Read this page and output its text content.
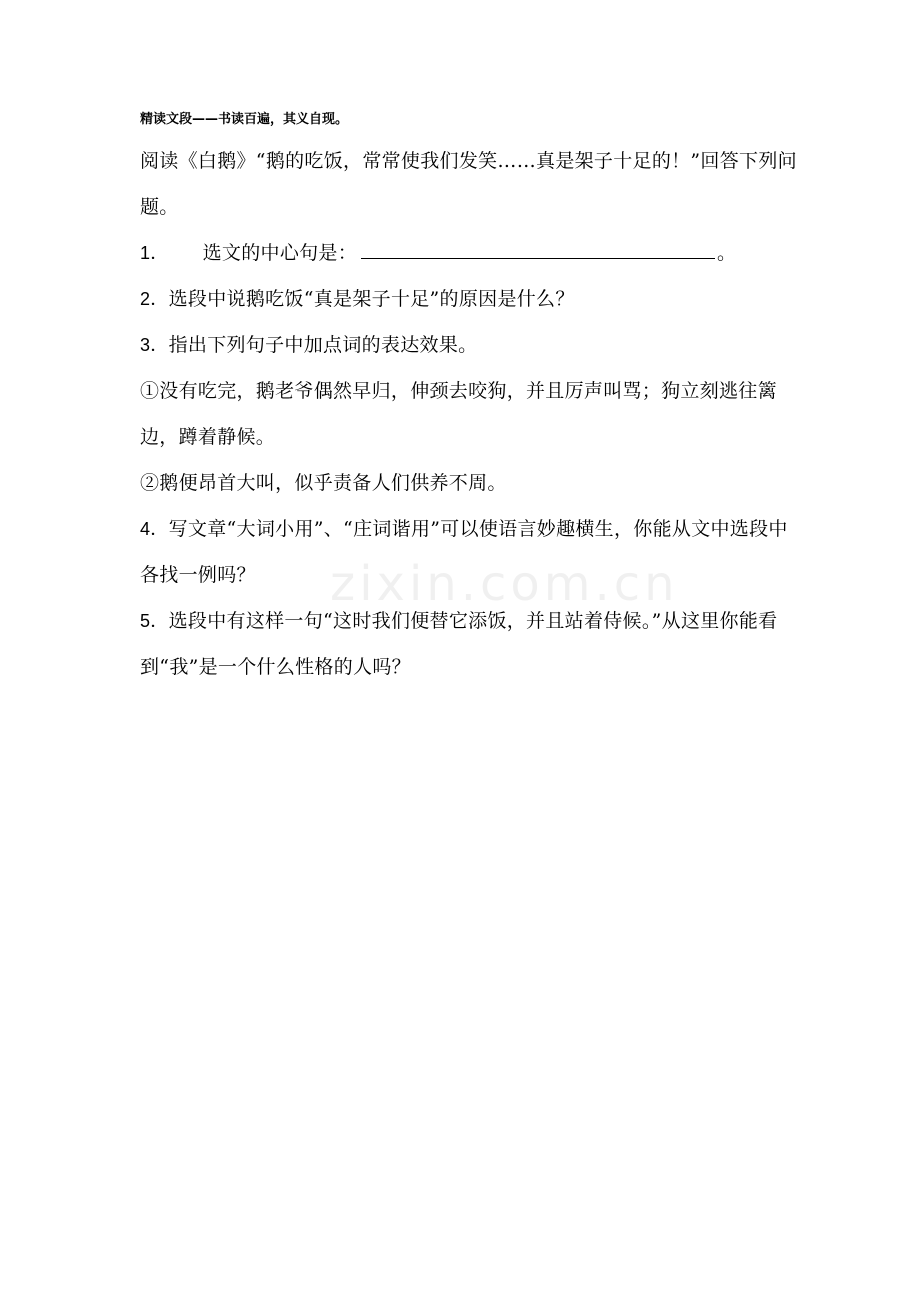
精读文段——书读百遍，其义自现。

阅读《白鹅》“鹅的吃饭，常常使我们发笑……真是架子十足的！”回答下列问题。

1． 选文的中心句是：	。

2．选段中说鹅吃饭“真是架子十足”的原因是什么？

3．指出下列句子中加点词的表达效果。

①没有吃完，鹅老爷偶然早归，伸颈去咬狗，并且厉声叫骂；狗立刻逃往篱边，蹲着静候。

②鹅便昂首大叫，似乎责备人们供养不周。

4．写文章“大词小用”、“庄词谐用”可以使语言妙趣横生，你能从文中选段中各找一例吗？

5．选段中有这样一句“这时我们便替它添饭，并且站着侍候。”从这里你能看到“我”是一个什么性格的人吗？

zixin.com.cn
